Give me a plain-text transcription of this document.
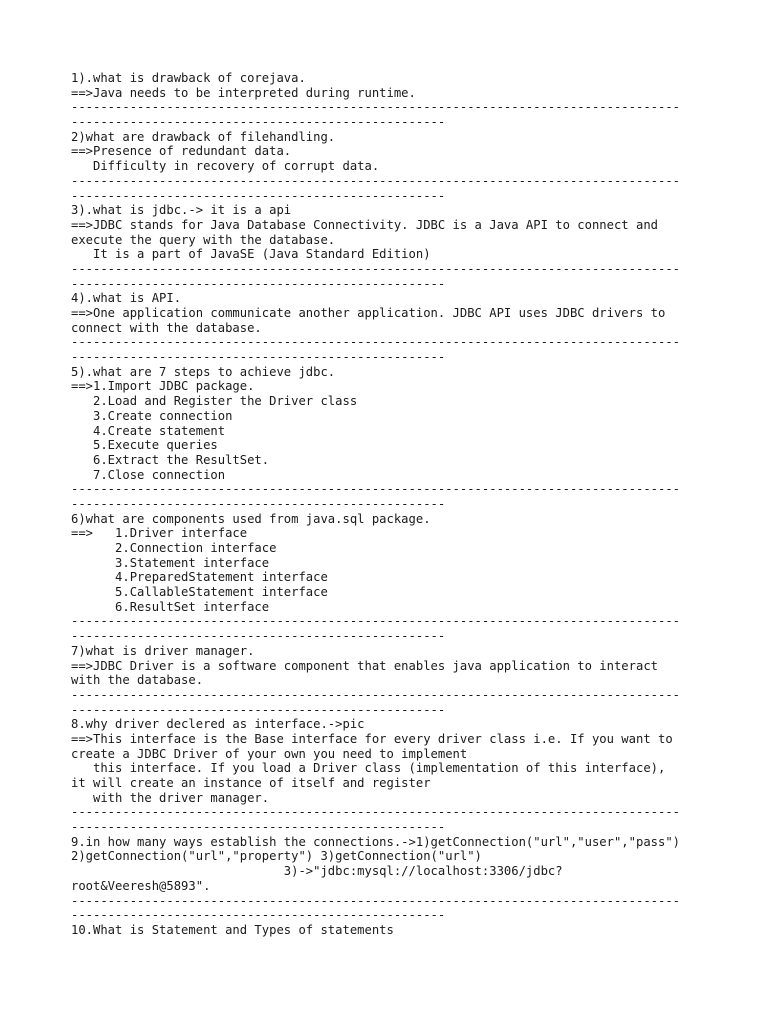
1).what is drawback of corejava.
==>Java needs to be interpreted during runtime.
-----------------------------------------------------------------------------------
---------------------------------------------------
2)what are drawback of filehandling.
==>Presence of redundant data.
Difficulty in recovery of corrupt data.
-----------------------------------------------------------------------------------
---------------------------------------------------
3).what is jdbc.-> it is a api
==>JDBC stands for Java Database Connectivity. JDBC is a Java API to connect and
execute the query with the database.
It is a part of JavaSE (Java Standard Edition)
-----------------------------------------------------------------------------------
---------------------------------------------------
4).what is API.
==>One application communicate another application. JDBC API uses JDBC drivers to
connect with the database.
-----------------------------------------------------------------------------------
---------------------------------------------------
5).what are 7 steps to achieve jdbc.
==>1.Import JDBC package.
2.Load and Register the Driver class
3.Create connection
4.Create statement
5.Execute queries
6.Extract the ResultSet.
7.Close connection
-----------------------------------------------------------------------------------
---------------------------------------------------
6)what are components used from java.sql package.
==>   1.Driver interface
2.Connection interface
3.Statement interface
4.PreparedStatement interface
5.CallableStatement interface
6.ResultSet interface
-----------------------------------------------------------------------------------
---------------------------------------------------
7)what is driver manager.
==>JDBC Driver is a software component that enables java application to interact
with the database.
-----------------------------------------------------------------------------------
---------------------------------------------------
8.why driver declered as interface.->pic
==>This interface is the Base interface for every driver class i.e. If you want to
create a JDBC Driver of your own you need to implement
this interface. If you load a Driver class (implementation of this interface),
it will create an instance of itself and register
with the driver manager.
-----------------------------------------------------------------------------------
---------------------------------------------------
9.in how many ways establish the connections.->1)getConnection("url","user","pass")
2)getConnection("url","property") 3)getConnection("url")
3)->"jdbc:mysql://localhost:3306/jdbc?
root&Veeresh@5893".
-----------------------------------------------------------------------------------
---------------------------------------------------
10.What is Statement and Types of statements
